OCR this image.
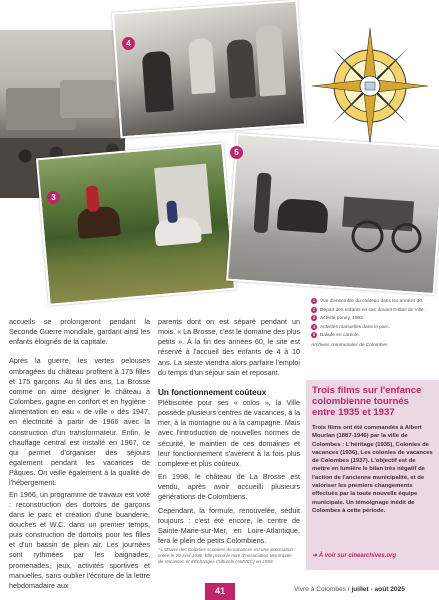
4
3
5
1	Vue d'ensemble du château dans les années 30.
2	Départ des enfants en car, devant l'Hôtel de Ville.
3	Activité poney, 1983.
4	Activités manuelles dans le parc.
5	Balade en carriole.
Archives communales de Colombes

accueils se prolongeront pendant la Seconde Guerre mondiale, gardant ainsi les enfants éloignés de la capitale.

Après la guerre, les vertes pelouses ombragées du château profitent à 175 filles et 175 garçons. Au fil des ans, La Brosse comme on aime désigner le château à Colombes, gagne en confort et en hygiène : alimentation en eau « de ville » dès 1947, en électricité à partir de 1966 avec la construction d'un transformateur. Enfin, le chauffage central est installé en 1967, ce qui permet d'organiser des séjours également pendant les vacances de Pâques. On veille également à la qualité de l'hébergement.

En 1966, un programme de travaux est voté : reconstruction des dortoirs de garçons dans le parc et création d'une buanderie, douches et W.C. dans un premier temps, puis construction de dortoirs pour les filles et d'un bassin de plein air. Les journées sont rythmées par les baignades, promenades, jeux, activités sportives et manuelles, sans oublier l'écriture de la lettre hebdomadaire aux

parents dont on est séparé pendant un mois. « La Brosse, c'est le domaine des plus petits ». À la fin des années 60, le site est réservé à l'accueil des enfants de 4 à 10 ans. La sieste viendra alors parfaire l'emploi du temps d'un séjour sain et reposant.

Un fonctionnement coûteux

Plébiscitée pour ses « colos », la Ville possède plusieurs centres de vacances, à la mer, à la montagne ou à la campagne. Mais avec l'introduction de nouvelles normes de sécurité, le maintien de ces domaines et leur fonctionnement s'avèrent à la fois plus complexe et plus coûteux.

En 1998, le château de La Brosse est vendu, après avoir accueilli plusieurs générations de Colombiens.

Cependant, la formule, renouvelée, séduit toujours : c'est été encore, le centre de Sainte-Marie-sur-Mer, en Loire-Atlantique, fera le plein de petits Colombiens.

* L'Œuvre des Colonies scolaires de vacances est une association créée le 20 avril 1936. Elle prend le nom d'Association Municipale de Vacances et d'Échanges Culturels (AMVEC) en 1959.
Trois films sur l'enfance colombienne tournés entre 1935 et 1937
Trois films ont été commandés à Albert Mourlan (1887-1946) par la ville de Colombes : L'héritage (1935), Colonies de vacances (1936), Les colonies de vacances de Colombes (1937). L'objectif est de mettre en lumière le bilan très négatif de l'action de l'ancienne municipalité, et de valoriser les premiers changements effectués par la toute nouvelle équipe municipale. Un témoignage inédit de Colombes à cette période.
➜ À voir sur cinearchives.org
41	Vivre à Colombes / juillet - août 2025
